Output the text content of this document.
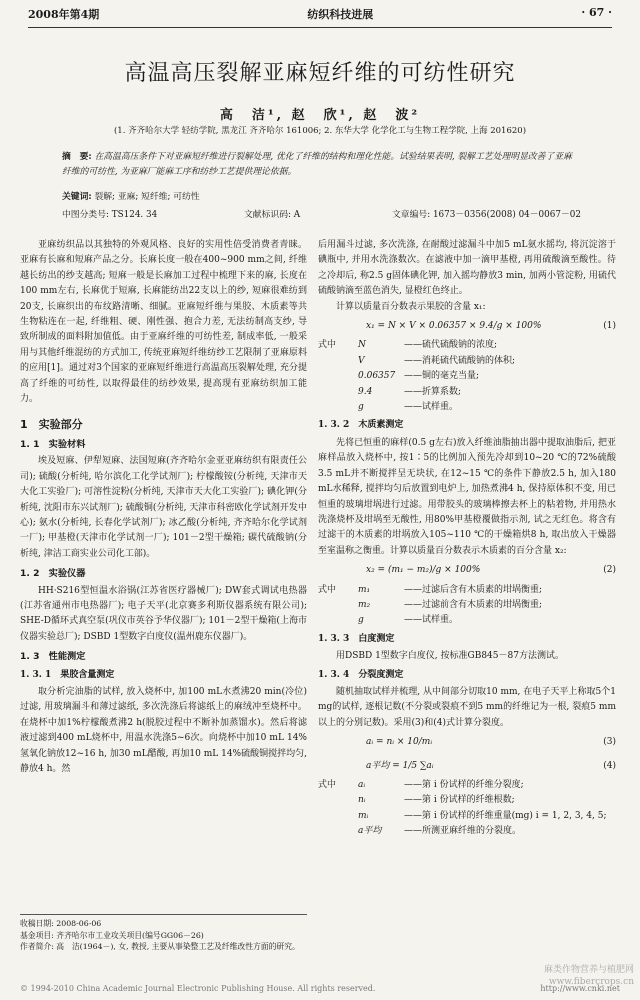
2008年第4期	纺织科技进展	· 67 ·
高温高压裂解亚麻短纤维的可纺性研究
高　洁¹, 赵　欣¹, 赵　波²
(1. 齐齐哈尔大学 轻纺学院, 黑龙江 齐齐哈尔 161006; 2. 东华大学 化学化工与生物工程学院, 上海 201620)
摘　要: 在高温高压条件下对亚麻短纤维进行裂解处理, 优化了纤维的结构和理化性能。试验结果表明, 裂解工艺处理明显改善了亚麻纤维的可纺性, 为亚麻厂能麻工序和纺纱工艺提供理论依据。
关键词: 裂解; 亚麻; 短纤维; 可纺性
中图分类号: TS124. 34	文献标识码: A	文章编号: 1673－0356(2008) 04－0067－02

亚麻纺织品以其独特的外观风格、良好的实用性倍受消费者青睐。亚麻有长麻和短麻产品之分。长麻长度一般在400~900 mm之间, 纤维越长纺出的纱支越高; 短麻一般是长麻加工过程中梳理下来的麻, 长度在100 mm左右, 长麻优于短麻, 长麻能纺出22支以上的纱, 短麻很难纺到20支, 长麻织出的布纹路清晰、细腻。亚麻短纤维与果胶、木质素等共生物粘连在一起, 纤维粗、硬、刚性强、抱合力差, 无法纺制高支纱, 导致所制成的面料附加值低。由于亚麻纤维的可纺性差, 制成率低, 一般采用与其他纤维混纺的方式加工, 传统亚麻短纤维纺纱工艺限制了亚麻原料的应用[1]。通过对3个国家的亚麻短纤维进行高温高压裂解处理, 充分提高了纤维的可纺性, 以取得最佳的纺纱效果, 提高现有亚麻纺织加工能力。

1　实验部分
1. 1　实验材料

埃及短麻、伊犁短麻、法国短麻(齐齐哈尔金亚亚麻纺织有限责任公司); 硫酸(分析纯, 哈尔滨化工化学试剂厂); 柠檬酸铵(分析纯, 天津市天大化工实验厂); 可溶性淀粉(分析纯, 天津市天大化工实验厂); 碘化钾(分析纯, 沈阳市东兴试剂厂); 硫酸铜(分析纯, 天津市科密欧化学试剂开发中心); 氨水(分析纯, 长春化学试剂厂); 冰乙酸(分析纯, 齐齐哈尔化学试剂一厂); 甲基橙(天津市化学试剂一厂); 101－2型干燥箱; 碳代硫酸钠(分析纯, 津洁工商实业公司化工部)。

1. 2　实验仪器

HH·S216型恒温水浴锅(江苏省医疗器械厂); DW套式调试电热器(江苏省通州市电热器厂); 电子天平(北京赛多利斯仪器系统有限公司); SHE-D循环式真空泵(巩仪市英谷予华仪器厂); 101－2型干燥箱(上海市仪器实验总厂); DSBD 1型数字白度仪(温州鹿东仪器厂)。

1. 3　性能测定
1. 3. 1　果胶含量测定

取分析完油脂的试样, 放入烧杯中, 加100 mL水煮沸20 min(冷位)过滤, 用玻璃漏斗和薄过滤纸, 多次洗涤后将滤纸上的麻绒冲至烧杯中。在烧杯中加1%柠檬酸煮沸2 h(脱胶过程中不断补加蒸馏水)。然后将滤液过滤到400 mL烧杯中, 用温水洗涤5~6次。向烧杯中加10 mL 14%氢氧化钠放12~16 h, 加30 mL醋酸, 再加10 mL 14%硫酸铜搅拌均匀, 静放4 h。然

后用漏斗过滤, 多次洗涤, 在耐酸过滤漏斗中加5 mL氨水摇均, 将沉淀溶于碘瓶中, 并用水洗涤数次。在滤液中加一滴甲基橙, 再用硫酸滴至酸性。待之冷却后, 称2.5 g固体碘化钾, 加入摇均静放3 min, 加两小管淀粉, 用硫代硫酸钠滴至蓝色消失, 显橙红色终止。

计算以质量百分数表示果胶的含量 x₁:

x₁ = N × V × 0.06357 × 9.4/g × 100%	(1)
式中	N	——硫代硫酸钠的浓度;
V	——消耗硫代硫酸钠的体积;
0.06357 ——铜的毫克当量;
9.4	——折算系数;
g	——试样重。
1. 3. 2　木质素测定

先将已恒重的麻样(0.5 g左右)放入纤维油脂抽出器中提取油脂后, 把亚麻样品放入烧杯中, 按1∶5的比例加入预先冷却到10~20 ℃的72%硫酸3.5 mL并不断搅拌呈无块状, 在12~15 ℃的条件下静放2.5 h, 加入180 mL水稀释, 搅拌均匀后放置到电炉上, 加热煮沸4 h, 保持原体积不变, 用已恒重的玻璃坩埚进行过滤。用带胶头的玻璃棒擦去杯上的粘着物, 并用热水洗涤烧杯及坩埚至无酸性, 用80%甲基橙覆做指示剂, 试之无红色。将含有过滤干的木质素的坩埚放入105~110 ℃的干燥箱烘8 h, 取出放入干燥器至室温称之衡重。计算以质量百分数表示木质素的百分含量 x₂:

x₂ = (m₁ − m₂)/g × 100%	(2)
式中	m₁	——过滤后含有木质素的坩埚衡重;
m₂	——过滤前含有木质素的坩埚衡重;
g	——试样重。
1. 3. 3　白度测定

用DSBD 1型数字白度仪, 按标准GB845－87方法测试。

1. 3. 4　分裂度测定

随机抽取试样并梳理, 从中间部分切取10 mm, 在电子天平上称取5个1 mg的试样, 逐根记数(不分裂或裂痕不到5 mm的纤维记为一根, 裂痕5 mm以上的分别记数)。采用(3)和(4)式计算分裂度。

aᵢ = nᵢ × 10/mᵢ	(3)
a平均 = 1/5 ∑aᵢ	(4)
式中	aᵢ	——第 i 份试样的纤维分裂度;
nᵢ	——第 i 份试样的纤维根数;
mᵢ	——第 i 份试样的纤维重量(mg) i = 1, 2, 3, 4, 5;
a平均	——所测亚麻纤维的分裂度。
收稿日期: 2008-06-06
基金项目: 齐齐哈尔市工业攻关项目(编号GG06－26)
作者简介: 高　洁(1964－), 女, 教授, 主要从事染整工艺及纤维改性方面的研究。
麻类作物营养与植肥网
www.fibercrops.cn
© 1994-2010 China Academic Journal Electronic Publishing House. All rights reserved.	http://www.cnki.net
